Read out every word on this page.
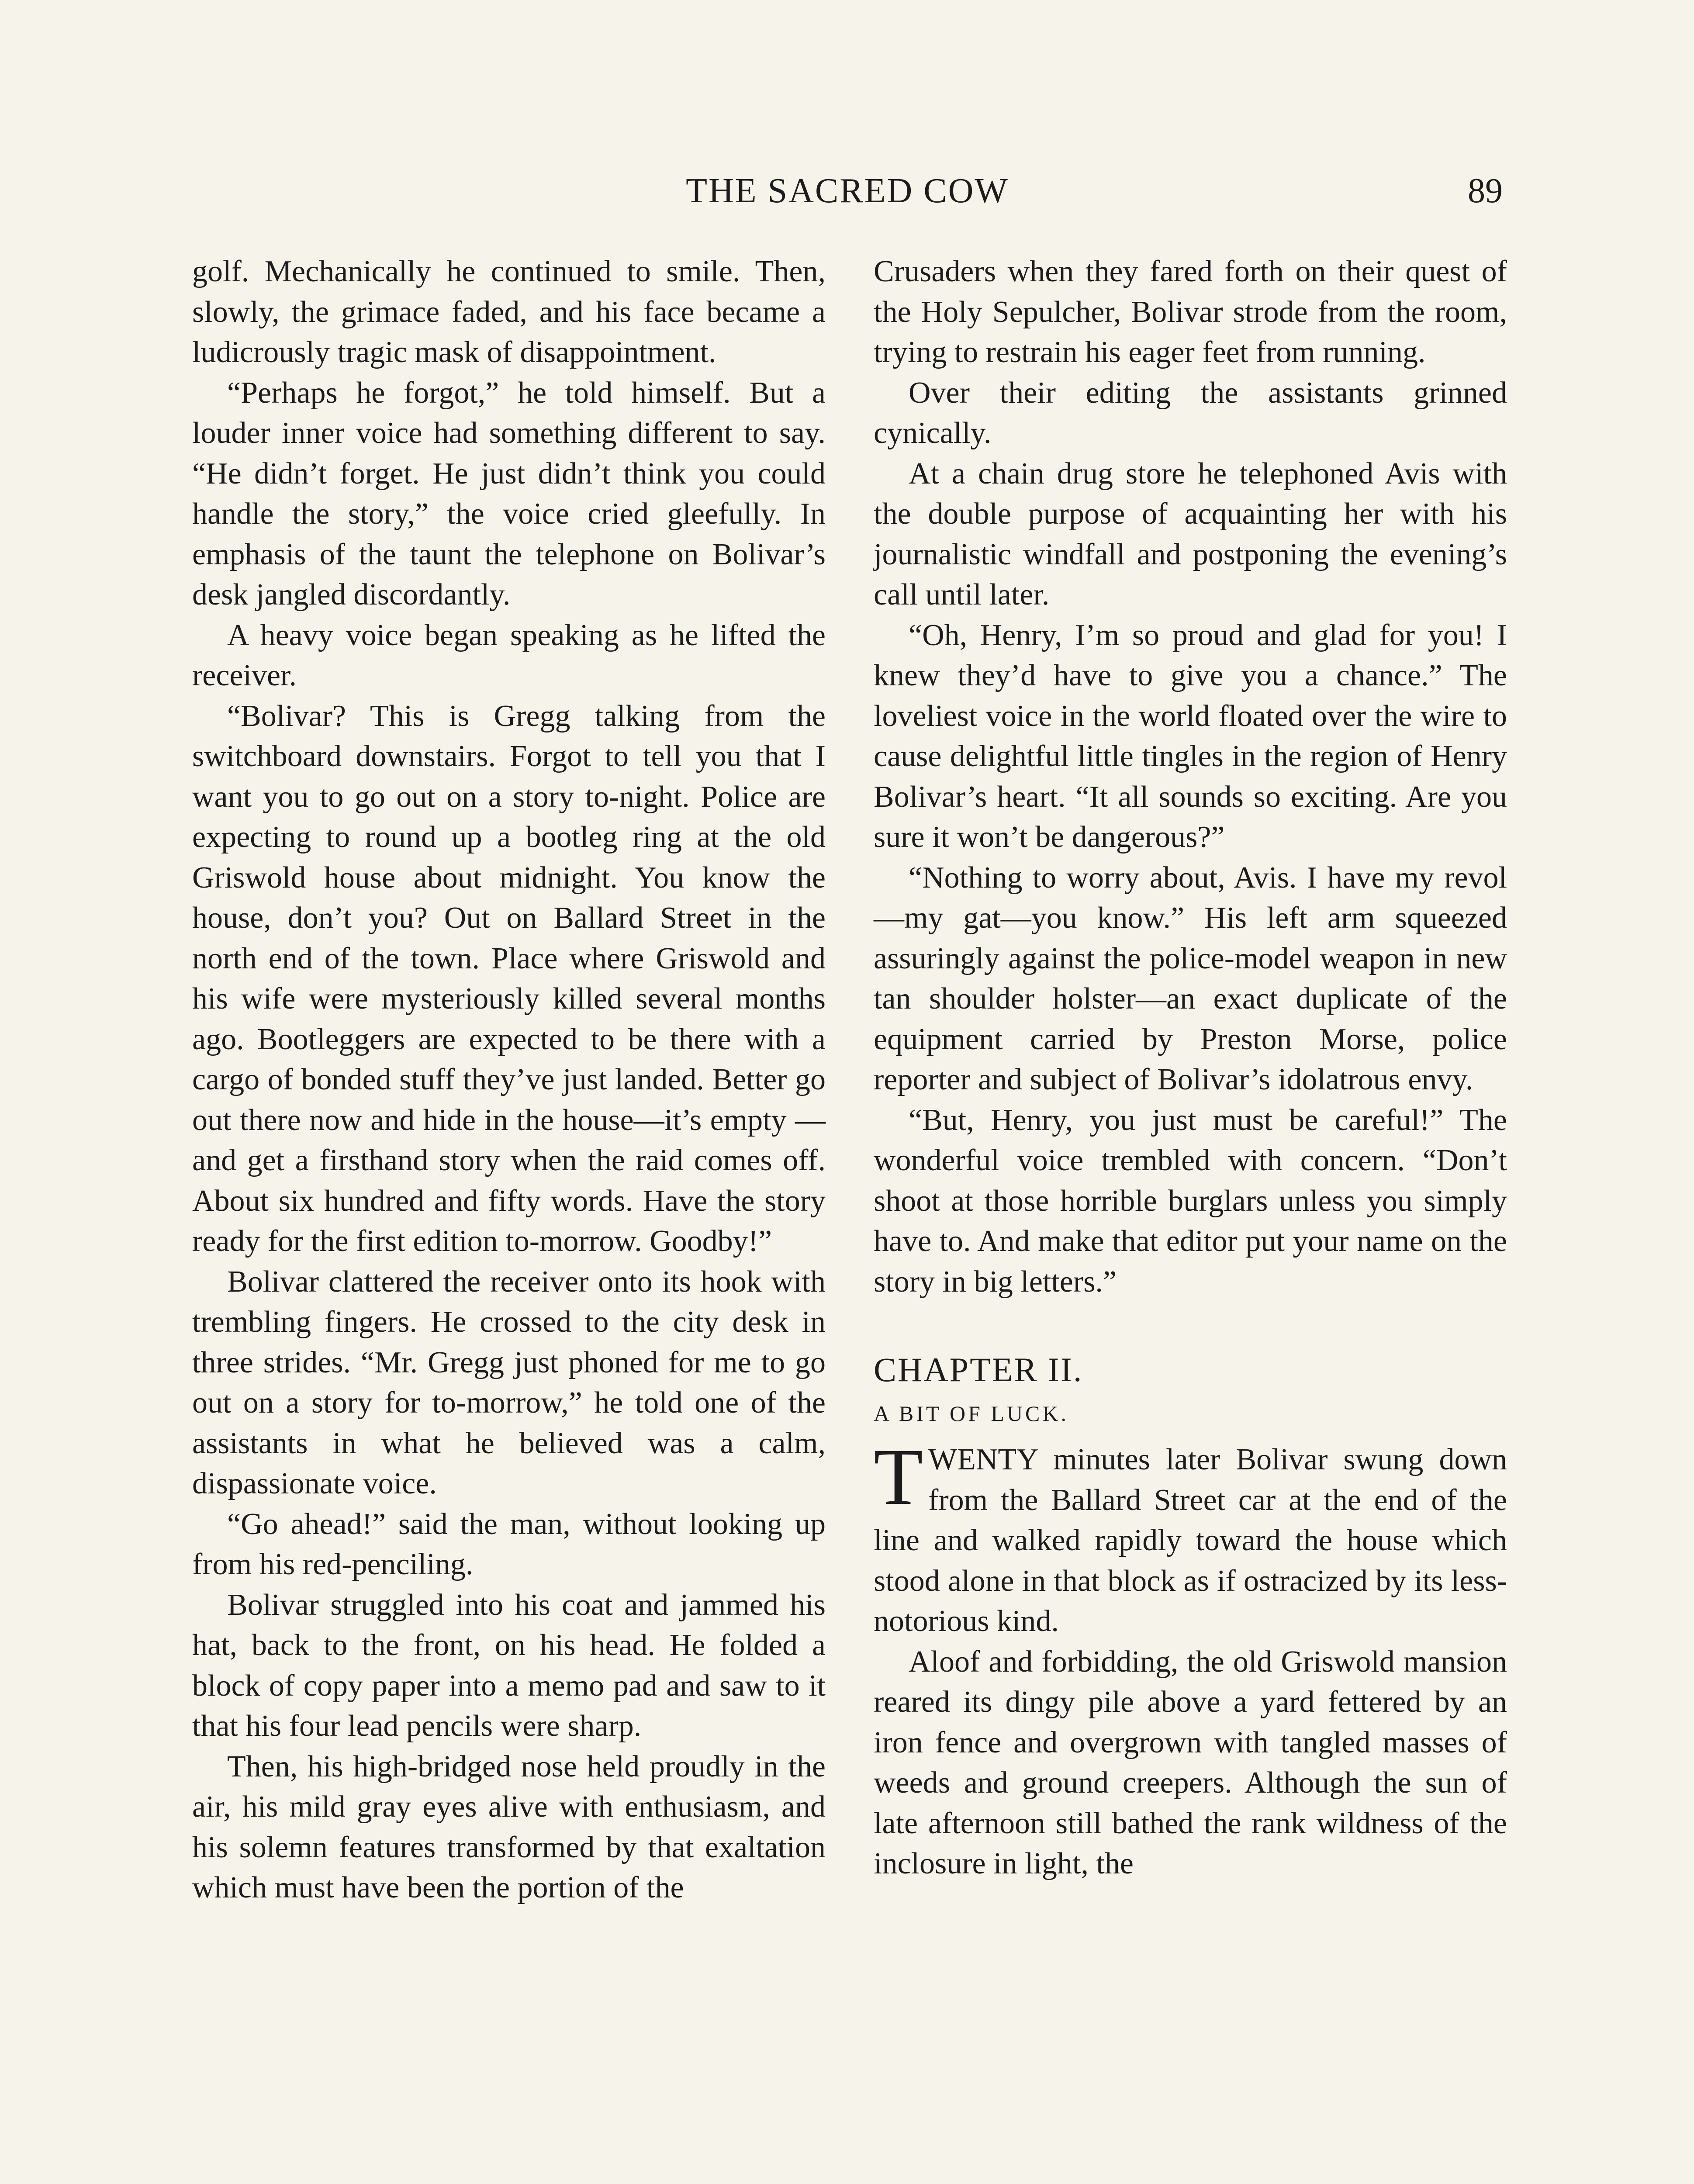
THE SACRED COW	89

golf. Mechanically he continued to smile. Then, slowly, the grimace faded, and his face became a ludicrously tragic mask of disappointment.

“Perhaps he forgot,” he told himself. But a louder inner voice had something different to say. “He didn’t forget. He just didn’t think you could handle the story,” the voice cried gleefully. In emphasis of the taunt the telephone on Bolivar’s desk jangled discordantly.

A heavy voice began speaking as he lifted the receiver.

“Bolivar? This is Gregg talking from the switchboard downstairs. Forgot to tell you that I want you to go out on a story to-night. Police are expecting to round up a bootleg ring at the old Griswold house about midnight. You know the house, don’t you? Out on Ballard Street in the north end of the town. Place where Griswold and his wife were mysteriously killed several months ago. Bootleggers are expected to be there with a cargo of bonded stuff they’ve just landed. Better go out there now and hide in the house—it’s empty —and get a firsthand story when the raid comes off. About six hundred and fifty words. Have the story ready for the first edition to-morrow. Goodby!”

Bolivar clattered the receiver onto its hook with trembling fingers. He crossed to the city desk in three strides. “Mr. Gregg just phoned for me to go out on a story for to-morrow,” he told one of the assistants in what he believed was a calm, dispassionate voice.

“Go ahead!” said the man, without looking up from his red-penciling.

Bolivar struggled into his coat and jammed his hat, back to the front, on his head. He folded a block of copy paper into a memo pad and saw to it that his four lead pencils were sharp.

Then, his high-bridged nose held proudly in the air, his mild gray eyes alive with enthusiasm, and his solemn features transformed by that exaltation which must have been the portion of the

Crusaders when they fared forth on their quest of the Holy Sepulcher, Bolivar strode from the room, trying to restrain his eager feet from running.

Over their editing the assistants grinned cynically.

At a chain drug store he telephoned Avis with the double purpose of acquainting her with his journalistic windfall and postponing the evening’s call until later.

“Oh, Henry, I’m so proud and glad for you! I knew they’d have to give you a chance.” The loveliest voice in the world floated over the wire to cause delightful little tingles in the region of Henry Bolivar’s heart. “It all sounds so exciting. Are you sure it won’t be dangerous?”

“Nothing to worry about, Avis. I have my revol—my gat—you know.” His left arm squeezed assuringly against the police-model weapon in new tan shoulder holster—an exact duplicate of the equipment carried by Preston Morse, police reporter and subject of Bolivar’s idolatrous envy.

“But, Henry, you just must be careful!” The wonderful voice trembled with concern. “Don’t shoot at those horrible burglars unless you simply have to. And make that editor put your name on the story in big letters.”

CHAPTER II.
A BIT OF LUCK.

TWENTY minutes later Bolivar swung down from the Ballard Street car at the end of the line and walked rapidly toward the house which stood alone in that block as if ostracized by its less-notorious kind.

Aloof and forbidding, the old Griswold mansion reared its dingy pile above a yard fettered by an iron fence and overgrown with tangled masses of weeds and ground creepers. Although the sun of late afternoon still bathed the rank wildness of the inclosure in light, the
